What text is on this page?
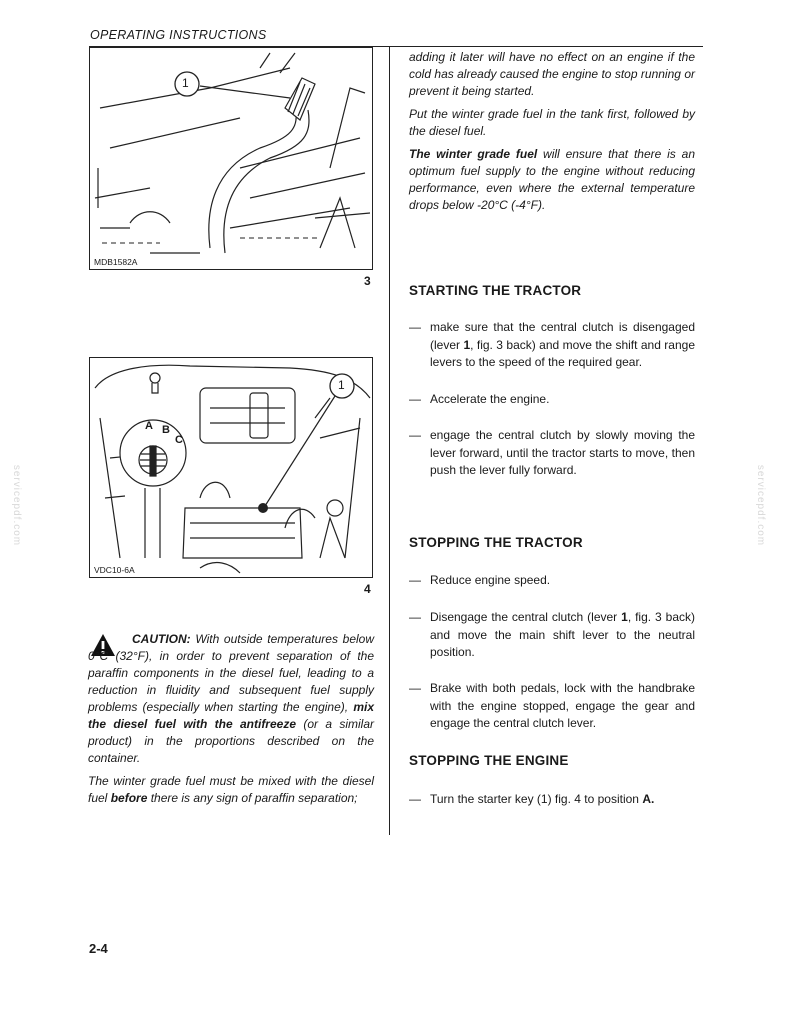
OPERATING INSTRUCTIONS
1
MDB1582A
3
1
A B
C
VDC10-6A
4

CAUTION: With outside temperatures below 0°C (32°F), in order to prevent separation of the paraffin components in the diesel fuel, leading to a reduction in fluidity and subsequent fuel supply problems (especially when starting the engine), mix the diesel fuel with the antifreeze (or a similar product) in the proportions described on the container.

The winter grade fuel must be mixed with the diesel fuel before there is any sign of paraffin separation;

adding it later will have no effect on an engine if the cold has already caused the engine to stop running or prevent it being started.

Put the winter grade fuel in the tank first, followed by the diesel fuel.

The winter grade fuel will ensure that there is an optimum fuel supply to the engine without reducing performance, even where the external temperature drops below -20°C (-4°F).

STARTING THE TRACTOR
— make sure that the central clutch is disengaged (lever 1, fig. 3 back) and move the shift and range levers to the speed of the required gear.
— Accelerate the engine.
— engage the central clutch by slowly moving the lever forward, until the tractor starts to move, then push the lever fully forward.
STOPPING THE TRACTOR
— Reduce engine speed.
— Disengage the central clutch (lever 1, fig. 3 back) and move the main shift lever to the neutral position.
— Brake with both pedals, lock with the handbrake with the engine stopped, engage the gear and engage the central clutch lever.
STOPPING THE ENGINE
— Turn the starter key (1) fig. 4 to position A.
2-4
servicepdf.com	servicepdf.com
